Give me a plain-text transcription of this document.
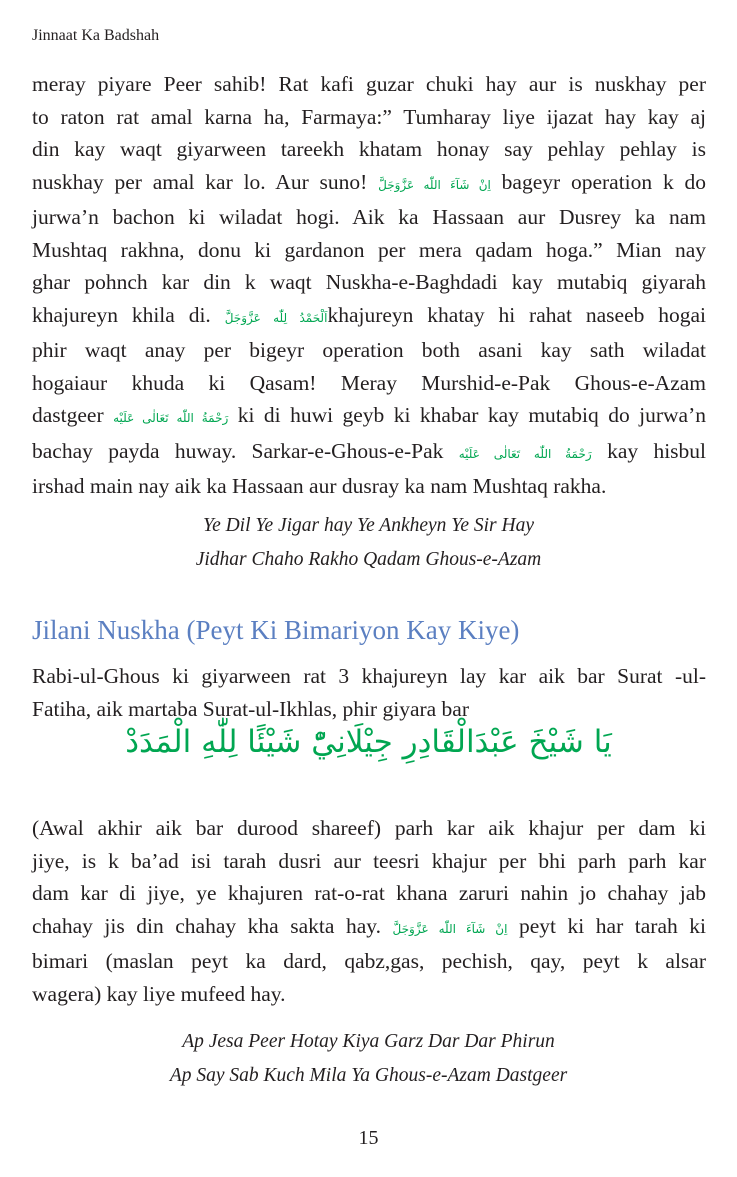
Jinnaat Ka Badshah
meray piyare Peer sahib! Rat kafi guzar chuki hay aur is nuskhay per
to raton rat amal karna ha, Farmaya:” Tumharay liye ijazat hay kay aj
din kay waqt giyarween tareekh khatam honay say pehlay pehlay is
nuskhay per amal kar lo. Aur suno! اِنْ شَآءَ اللّٰه عَزَّوَجَلَّ bageyr operation k do
jurwa’n bachon ki wiladat hogi. Aik ka Hassaan aur Dusrey ka nam
Mushtaq rakhna, donu ki gardanon per mera qadam hoga.” Mian nay
ghar pohnch kar din k waqt Nuskha-e-Baghdadi kay mutabiq giyarah
khajureyn khila di. اَلْحَمْدُ لِلّٰه عَزَّوَجَلَّkhajureyn khatay hi rahat naseeb hogai
phir waqt anay per bigeyr operation both asani kay sath wiladat
hogaiaur khuda ki Qasam! Meray Murshid-e-Pak Ghous-e-Azam
dastgeer رَحْمَةُ اللّٰه تَعَالٰى عَلَيْه ki di huwi geyb ki khabar kay mutabiq do jurwa’n
bachay payda huway. Sarkar-e-Ghous-e-Pak رَحْمَةُ اللّٰه تَعَالٰى عَلَيْه kay hisbul
irshad main nay aik ka Hassaan aur dusray ka nam Mushtaq rakha.
Ye Dil Ye Jigar hay Ye Ankheyn Ye Sir Hay
Jidhar Chaho Rakho Qadam Ghous-e-Azam
Jilani Nuskha (Peyt Ki Bimariyon Kay Kiye)
Rabi-ul-Ghous ki giyarween rat 3 khajureyn lay kar aik bar Surat -ul-
Fatiha, aik martaba Surat-ul-Ikhlas, phir giyara bar
يَا شَيْخَ عَبْدَالْقَادِرِ جِيْلَانِيّْ شَيْئًا لِلّٰهِ الْمَدَدْ
(Awal akhir aik bar durood shareef) parh kar aik khajur per dam ki
jiye, is k ba’ad isi tarah dusri aur teesri khajur per bhi parh parh kar
dam kar di jiye, ye khajuren rat-o-rat khana zaruri nahin jo chahay jab
chahay jis din chahay kha sakta hay. اِنْ شَآءَ اللّٰه عَزَّوَجَلَّ peyt ki har tarah ki
bimari (maslan peyt ka dard, qabz,gas, pechish, qay, peyt k alsar
wagera) kay liye mufeed hay.
Ap Jesa Peer Hotay Kiya Garz Dar Dar Phirun
Ap Say Sab Kuch Mila Ya Ghous-e-Azam Dastgeer
15
